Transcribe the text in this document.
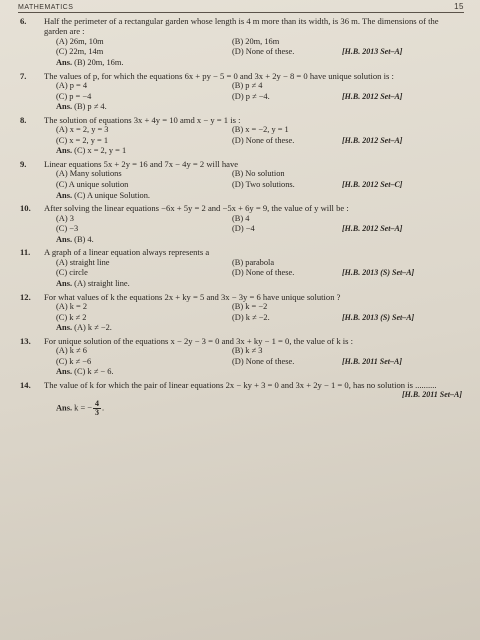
MATHEMATICS	15
6.	Half the perimeter of a rectangular garden whose length is 4 m more than its width, is 36 m. The dimensions of the garden are :
(A) 26m, 10m	(B) 20m, 16m
(C) 22m, 14m	(D) None of these.	[H.B. 2013 Set–A]
Ans. (B) 20m, 16m.
7.	The values of p, for which the equations 6x + py − 5 = 0 and 3x + 2y − 8 = 0 have unique solution is :
(A) p = 4	(B) p ≠ 4
(C) p = −4	(D) p ≠ −4.	[H.B. 2012 Set–A]
Ans. (B) p ≠ 4.
8.	The solution of equations 3x + 4y = 10 amd x − y = 1 is :
(A) x = 2, y = 3	(B) x = −2, y = 1
(C) x = 2, y = 1	(D) None of these.	[H.B. 2012 Set–A]
Ans. (C) x = 2, y = 1
9.	Linear equations 5x + 2y = 16 and 7x − 4y = 2 will have
(A) Many solutions	(B) No solution
(C) A unique solution	(D) Two solutions.	[H.B. 2012 Set–C]
Ans. (C) A unique Solution.
10.	After solving the linear equations −6x + 5y = 2 and −5x + 6y = 9, the value of y will be :
(A) 3	(B) 4
(C) −3	(D) −4	[H.B. 2012 Set–A]
Ans. (B) 4.
11.	A graph of a linear equation always represents a
(A) straight line	(B) parabola
(C) circle	(D) None of these.	[H.B. 2013 (S) Set–A]
Ans. (A) straight line.
12.	For what values of k the equations 2x + ky = 5 and 3x − 3y = 6 have unique solution ?
(A) k = 2	(B) k = −2
(C) k ≠ 2	(D) k ≠ −2.	[H.B. 2013 (S) Set–A]
Ans. (A) k ≠ −2.
13.	For unique solution of the equations x − 2y − 3 = 0 and 3x + ky − 1 = 0, the value of k is :
(A) k ≠ 6	(B) k ≠ 3
(C) k ≠ −6	(D) None of these.	[H.B. 2011 Set–A]
Ans. (C) k ≠ − 6.
14.	The value of k for which the pair of linear equations 2x − ky + 3 = 0 and 3x + 2y − 1 = 0, has no solution is ..........
[H.B. 2011 Set–A]
Ans. k = − $\frac{4}{3}$ .
